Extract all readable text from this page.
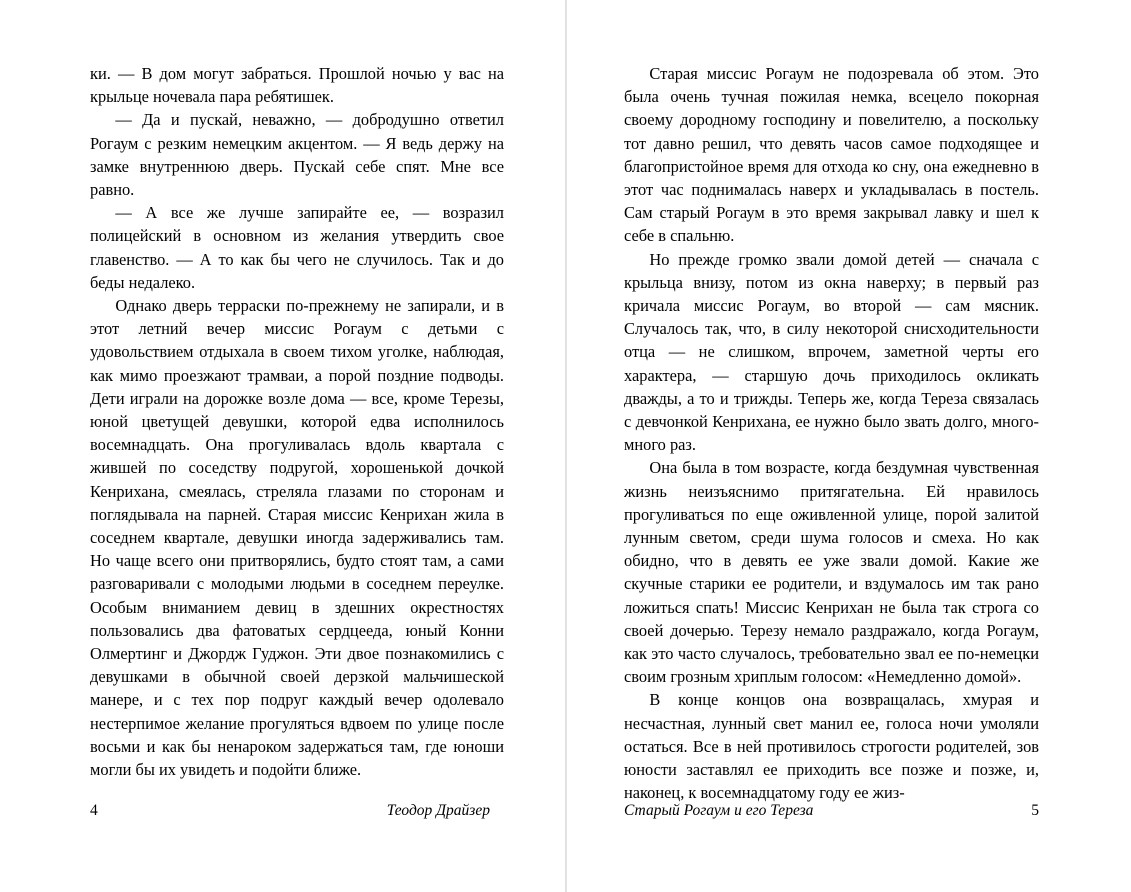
ки. — В дом могут забраться. Прошлой ночью у вас на крыльце ночевала пара ребятишек.

— Да и пускай, неважно, — добродушно ответил Рогаум с резким немецким акцентом. — Я ведь держу на замке внутреннюю дверь. Пускай себе спят. Мне все равно.

— А все же лучше запирайте ее, — возразил полицейский в основном из желания утвердить свое главенство. — А то как бы чего не случилось. Так и до беды недалеко.

Однако дверь терраски по-прежнему не запирали, и в этот летний вечер миссис Рогаум с детьми с удовольствием отдыхала в своем тихом уголке, наблюдая, как мимо проезжают трамваи, а порой поздние подводы. Дети играли на дорожке возле дома — все, кроме Терезы, юной цветущей девушки, которой едва исполнилось восемнадцать. Она прогуливалась вдоль квартала с жившей по соседству подругой, хорошенькой дочкой Кенрихана, смеялась, стреляла глазами по сторонам и поглядывала на парней. Старая миссис Кенрихан жила в соседнем квартале, девушки иногда задерживались там. Но чаще всего они притворялись, будто стоят там, а сами разговаривали с молодыми людьми в соседнем переулке. Особым вниманием девиц в здешних окрестностях пользовались два фатоватых сердцееда, юный Конни Олмертинг и Джордж Гуджон. Эти двое познакомились с девушками в обычной своей дерзкой мальчишеской манере, и с тех пор подруг каждый вечер одолевало нестерпимое желание прогуляться вдвоем по улице после восьми и как бы ненароком задержаться там, где юноши могли бы их увидеть и подойти ближе.

4	Теодор Драйзер

Старая миссис Рогаум не подозревала об этом. Это была очень тучная пожилая немка, всецело покорная своему дородному господину и повелителю, а поскольку тот давно решил, что девять часов самое подходящее и благопристойное время для отхода ко сну, она ежедневно в этот час поднималась наверх и укладывалась в постель. Сам старый Рогаум в это время закрывал лавку и шел к себе в спальню.

Но прежде громко звали домой детей — сначала с крыльца внизу, потом из окна наверху; в первый раз кричала миссис Рогаум, во второй — сам мясник. Случалось так, что, в силу некоторой снисходительности отца — не слишком, впрочем, заметной черты его характера, — старшую дочь приходилось окликать дважды, а то и трижды. Теперь же, когда Тереза связалась с девчонкой Кенрихана, ее нужно было звать долго, много-много раз.

Она была в том возрасте, когда бездумная чувственная жизнь неизъяснимо притягательна. Ей нравилось прогуливаться по еще оживленной улице, порой залитой лунным светом, среди шума голосов и смеха. Но как обидно, что в девять ее уже звали домой. Какие же скучные старики ее родители, и вздумалось им так рано ложиться спать! Миссис Кенрихан не была так строга со своей дочерью. Терезу немало раздражало, когда Рогаум, как это часто случалось, требовательно звал ее по-немецки своим грозным хриплым голосом: «Немедленно домой».

В конце концов она возвращалась, хмурая и несчастная, лунный свет манил ее, голоса ночи умоляли остаться. Все в ней противилось строгости родителей, зов юности заставлял ее приходить все позже и позже, и, наконец, к восемнадцатому году ее жиз-

Старый Рогаум и его Тереза	5
